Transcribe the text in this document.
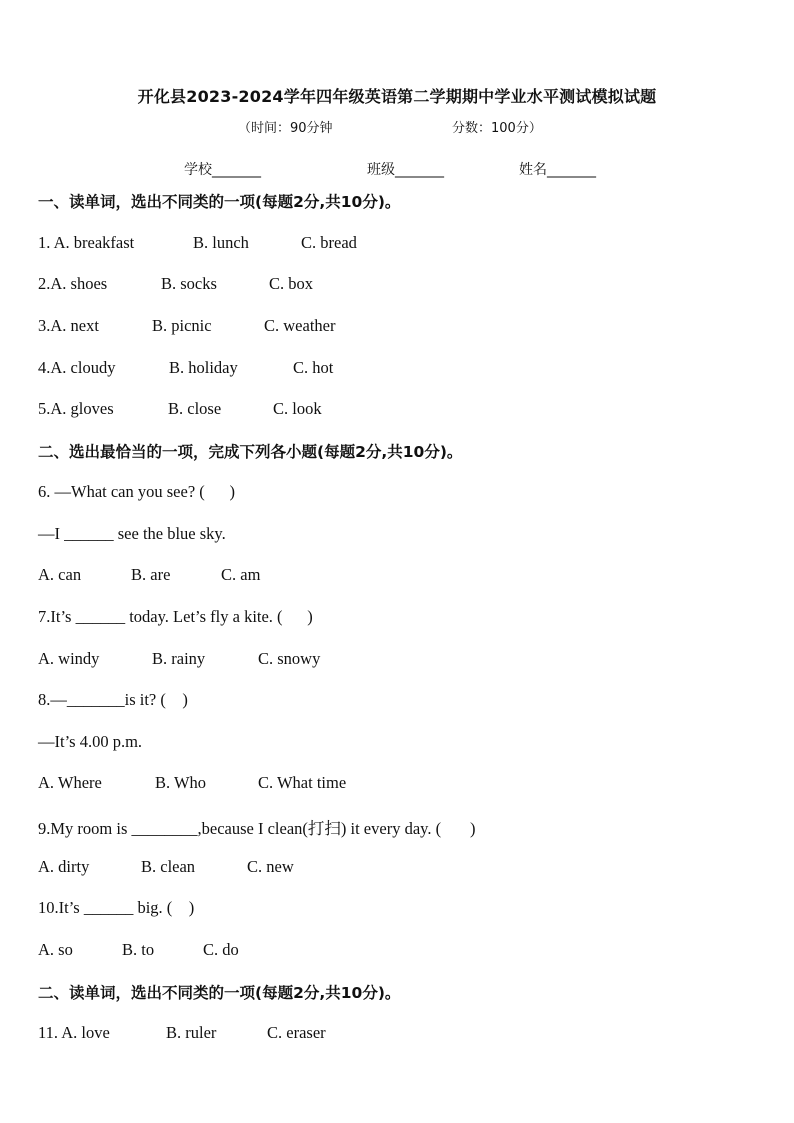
开化县2023-2024学年四年级英语第二学期期中学业水平测试模拟试题
（时间：90分钟	分数：100分）
学校_______	班级_______	姓名_______
一、读单词，选出不同类的一项(每题2分,共10分)。
1. A. breakfast	B. lunch	C. bread
2.A. shoes	B. socks	C. box
3.A. next	B. picnic	C. weather
4.A. cloudy	B. holiday	C. hot
5.A. gloves	B. close	C. look
二、选出最恰当的一项，完成下列各小题(每题2分,共10分)。
6. —What can you see? (      )
—I ______ see the blue sky.
A. can	B. are	C. am
7.It’s ______ today. Let’s fly a kite. (      )
A. windy	B. rainy	C. snowy
8.—_______is it? (    )
—It’s 4.00 p.m.
A. Where	B. Who	C. What time
9.My room is ________,because I clean(打扫) it every day. (       )
A. dirty	B. clean	C. new
10.It’s ______ big. (    )
A. so	B. to	C. do
二、读单词，选出不同类的一项(每题2分,共10分)。
11. A. love	B. ruler	C. eraser
